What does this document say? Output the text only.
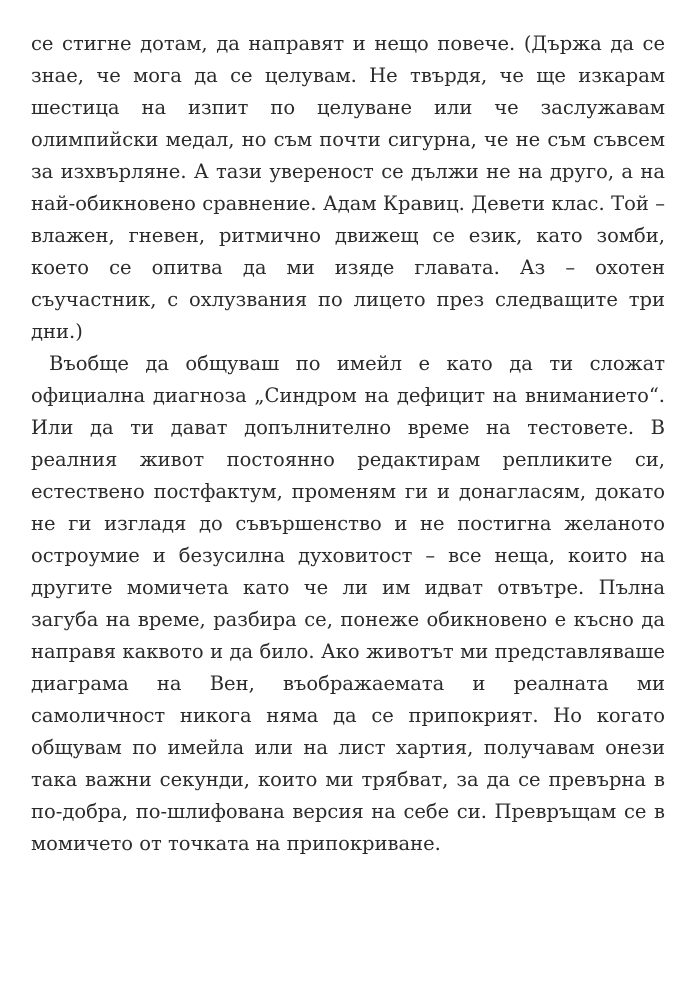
се стигне дотам, да направят и нещо повече. (Държа да се знае, че мога да се целувам. Не твърдя, че ще изкарам шестица на изпит по целуване или че заслужавам олимпийски медал, но съм почти сигурна, че не съм съвсем за изхвърляне. А тази увереност се дължи не на друго, а на най-обикновено сравнение. Адам Кравиц. Девети клас. Той – влажен, гневен, ритмично движещ се език, като зомби, което се опитва да ми изяде главата. Аз – охотен съучастник, с охлузвания по лицето през следващите три дни.)

Въобще да общуваш по имейл е като да ти сложат официална диагноза „Синдром на дефицит на вниманието“. Или да ти дават допълнително време на тестовете. В реалния живот постоянно редактирам репликите си, естествено постфактум, променям ги и донагласям, докато не ги изгладя до съвършенство и не постигна желаното остроумие и безусилна духовитост – все неща, които на другите момичета като че ли им идват отвътре. Пълна загуба на време, разбира се, понеже обикновено е късно да направя каквото и да било. Ако животът ми представляваше диаграма на Вен, въображаемата и реалната ми самоличност никога няма да се припокрият. Но когато общувам по имейла или на лист хартия, получавам онези така важни секунди, които ми трябват, за да се превърна в по-добра, по-шлифована версия на себе си. Превръщам се в момичето от точката на припокриване.
